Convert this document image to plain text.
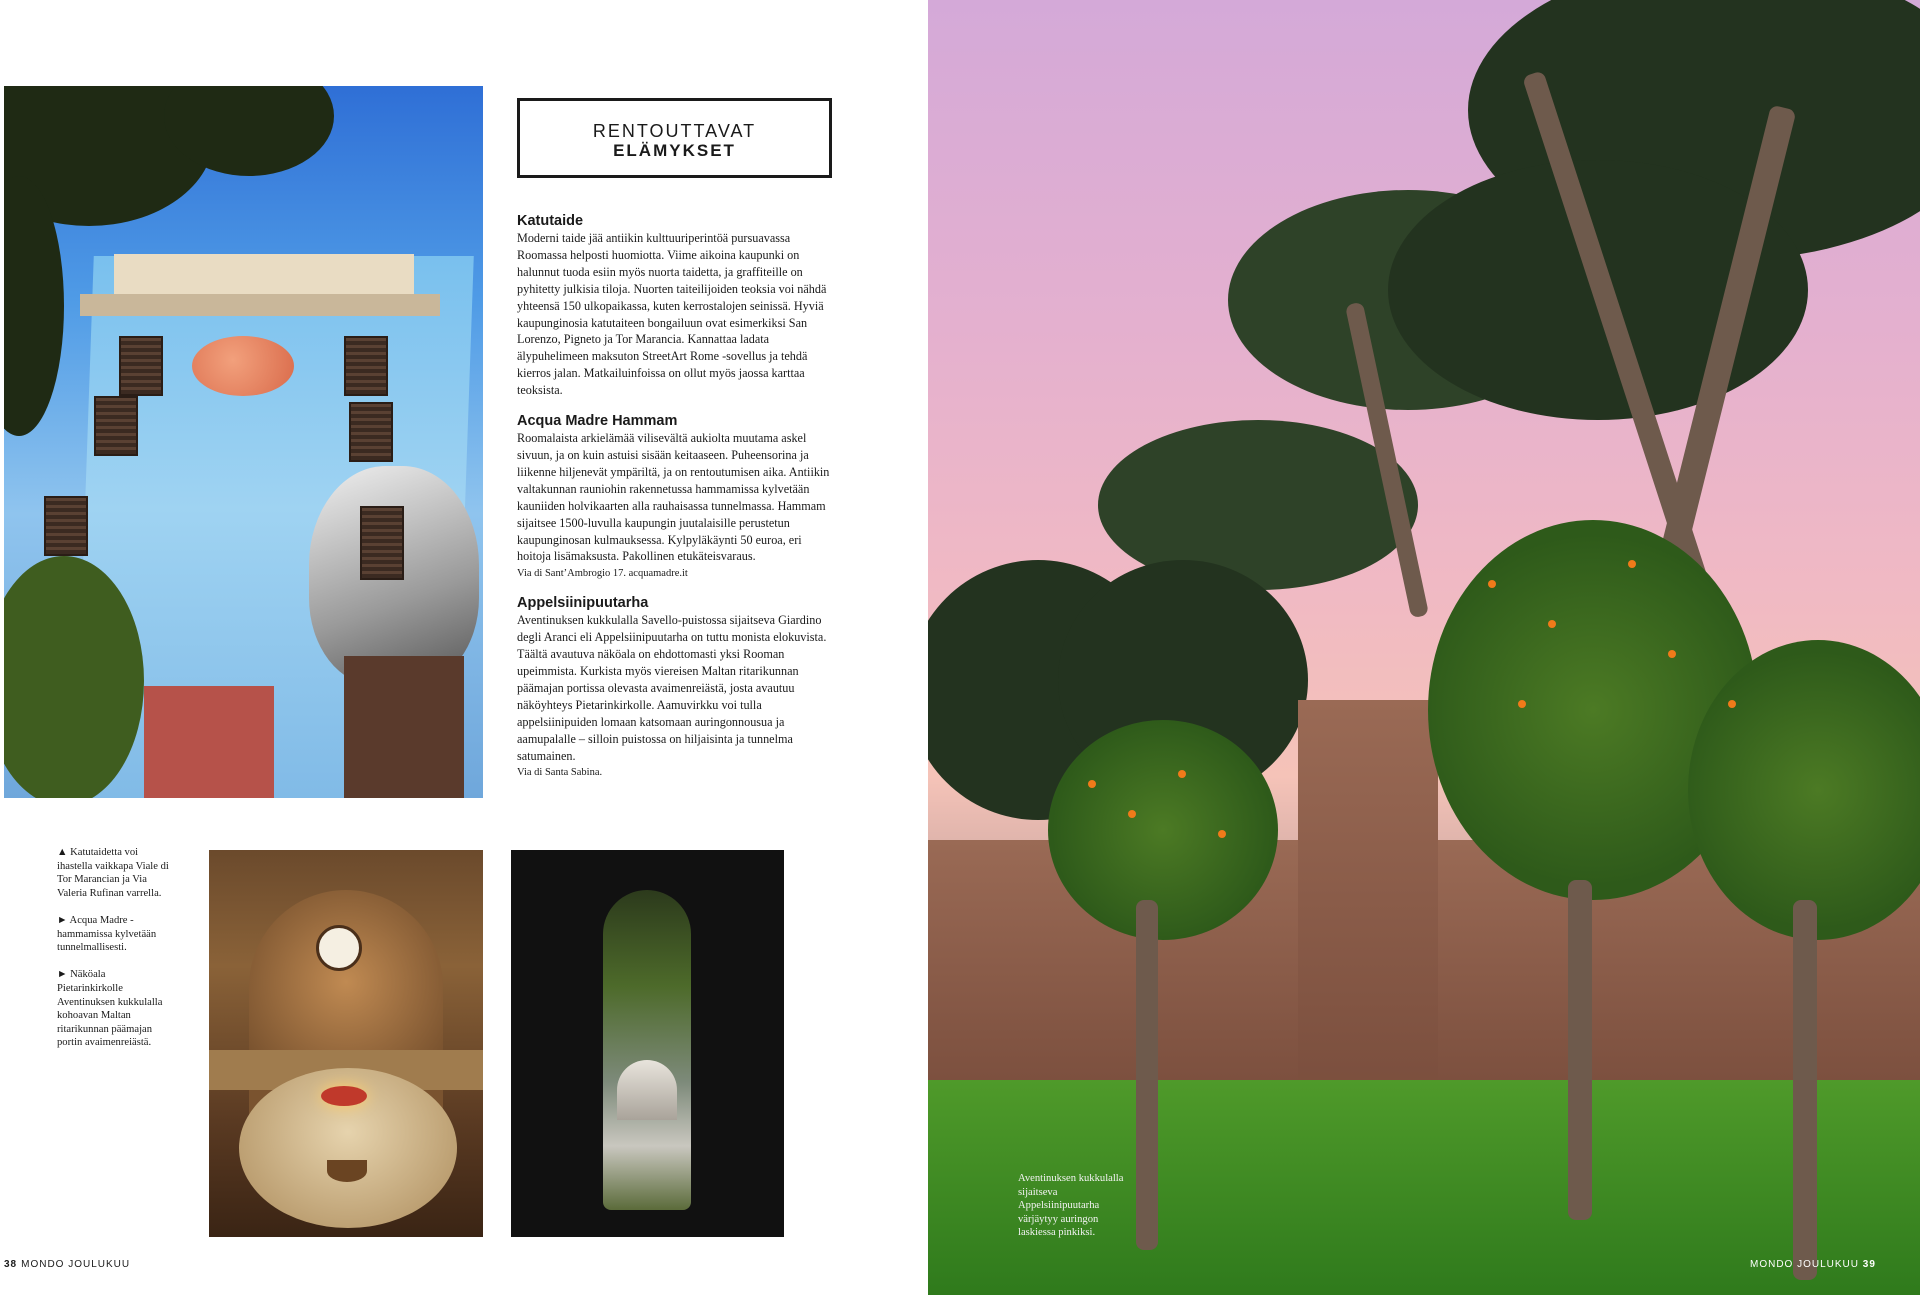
RENTOUTTAVAT
ELÄMYKSET
Katutaide

Moderni taide jää antiikin kulttuuriperintöä pursuavassa Roomassa helposti huomiotta. Viime aikoina kaupunki on halunnut tuoda esiin myös nuorta taidetta, ja graffiteille on pyhitetty julkisia tiloja. Nuorten taiteilijoiden teoksia voi nähdä yhteensä 150 ulkopaikassa, kuten kerrostalojen seinissä. Hyviä kaupunginosia katutaiteen bongailuun ovat esimerkiksi San Lorenzo, Pigneto ja Tor Marancia. Kannattaa ladata älypuhelimeen maksuton StreetArt Rome -sovellus ja tehdä kierros jalan. Matkailuinfoissa on ollut myös jaossa karttaa teoksista.

Acqua Madre Hammam

Roomalaista arkielämää vilisevältä aukiolta muutama askel sivuun, ja on kuin astuisi sisään keitaaseen. Puheensorina ja liikenne hiljenevät ympäriltä, ja on rentoutumisen aika. Antiikin valtakunnan rauniohin rakennetussa hammamissa kylvetään kauniiden holvikaarten alla rauhaisassa tunnelmassa. Hammam sijaitsee 1500-luvulla kaupungin juutalaisille perustetun kaupunginosan kulmauksessa. Kylpyläkäynti 50 euroa, eri hoitoja lisämaksusta. Pakollinen etukäteisvaraus.

Via di Sant’Ambrogio 17. acquamadre.it

Appelsiinipuutarha

Aventinuksen kukkulalla Savello-puistossa sijaitseva Giardino degli Aranci eli Appelsiinipuutarha on tuttu monista elokuvista. Täältä avautuva näköala on ehdottomasti yksi Rooman upeimmista. Kurkista myös viereisen Maltan ritarikunnan päämajan portissa olevasta avaimenreiästä, josta avautuu näköyhteys Pietarinkirkolle. Aamuvirkku voi tulla appelsiinipuiden lomaan katsomaan auringonnousua ja aamupalalle – silloin puistossa on hiljaisinta ja tunnelma satumainen.

Via di Santa Sabina.

▲ Katutaidetta voi ihastella vaikkapa Viale di Tor Marancian ja Via Valeria Rufinan varrella.

► Acqua Madre -hammamissa kylvetään tunnelmallisesti.

► Näköala Pietarinkirkolle Aventinuksen kukkulalla kohoavan Maltan ritarikunnan päämajan portin avaimenreiästä.

38 MONDO JOULUKUU
Aventinuksen kukkulalla sijaitseva Appelsiinipuutarha värjäytyy auringon laskiessa pinkiksi.
MONDO JOULUKUU 39
